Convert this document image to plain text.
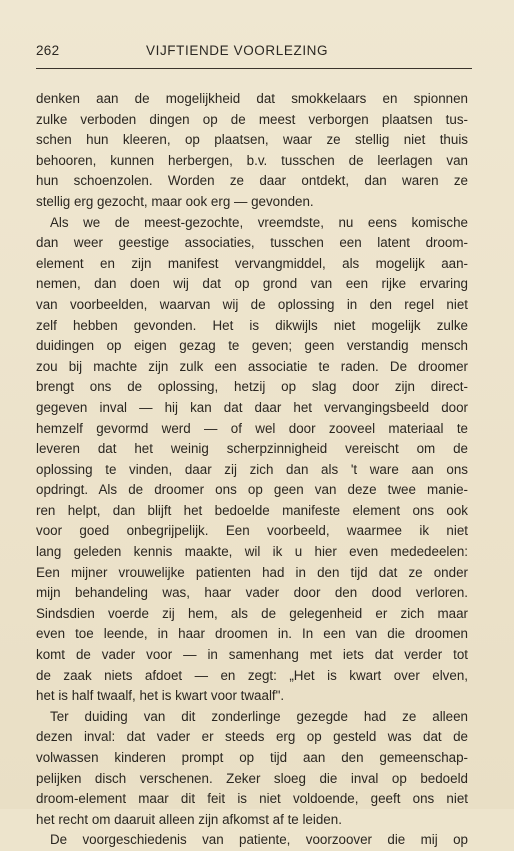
262	VIJFTIENDE VOORLEZING
denken aan de mogelijkheid dat smokkelaars en spionnen
zulke verboden dingen op de meest verborgen plaatsen tus-
schen hun kleeren, op plaatsen, waar ze stellig niet thuis
behooren, kunnen herbergen, b.v. tusschen de leerlagen van
hun schoenzolen. Worden ze daar ontdekt, dan waren ze
stellig erg gezocht, maar ook erg — gevonden.
Als we de meest-gezochte, vreemdste, nu eens komische
dan weer geestige associaties, tusschen een latent droom-
element en zijn manifest vervangmiddel, als mogelijk aan-
nemen, dan doen wij dat op grond van een rijke ervaring
van voorbeelden, waarvan wij de oplossing in den regel niet
zelf hebben gevonden. Het is dikwijls niet mogelijk zulke
duidingen op eigen gezag te geven; geen verstandig mensch
zou bij machte zijn zulk een associatie te raden. De droomer
brengt ons de oplossing, hetzij op slag door zijn direct-
gegeven inval — hij kan dat daar het vervangingsbeeld door
hemzelf gevormd werd — of wel door zooveel materiaal te
leveren dat het weinig scherpzinnigheid vereischt om de
oplossing te vinden, daar zij zich dan als 't ware aan ons
opdringt. Als de droomer ons op geen van deze twee manie-
ren helpt, dan blijft het bedoelde manifeste element ons ook
voor goed onbegrijpelijk. Een voorbeeld, waarmee ik niet
lang geleden kennis maakte, wil ik u hier even mededeelen:
Een mijner vrouwelijke patienten had in den tijd dat ze onder
mijn behandeling was, haar vader door den dood verloren.
Sindsdien voerde zij hem, als de gelegenheid er zich maar
even toe leende, in haar droomen in. In een van die droomen
komt de vader voor — in samenhang met iets dat verder tot
de zaak niets afdoet — en zegt: „Het is kwart over elven,
het is half twaalf, het is kwart voor twaalf".
Ter duiding van dit zonderlinge gezegde had ze alleen
dezen inval: dat vader er steeds erg op gesteld was dat de
volwassen kinderen prompt op tijd aan den gemeenschap-
pelijken disch verschenen. Zeker sloeg die inval op bedoeld
droom-element maar dit feit is niet voldoende, geeft ons niet
het recht om daaruit alleen zijn afkomst af te leiden.
De voorgeschiedenis van patiente, voorzoover die mij op
